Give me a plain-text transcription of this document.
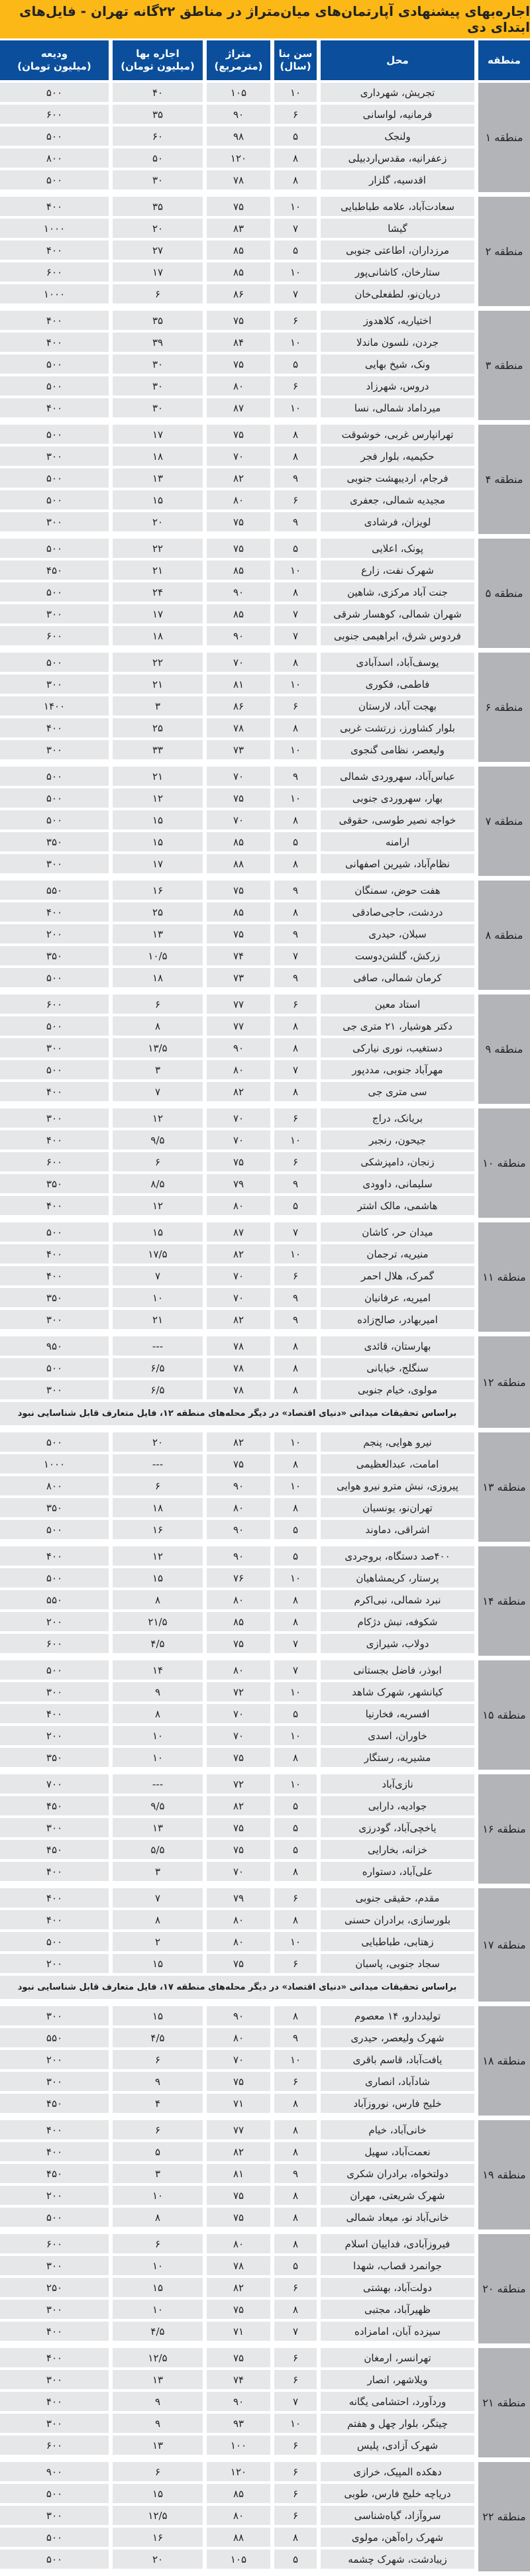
اجاره‌بهای پیشنهادی آپارتمان‌های میان‌متراژ در مناطق ۲۲گانه تهران - فایل‌های ابتدای دی
منطقه
محل
سن بنا
(سال)
متراژ
(مترمربع)
اجاره بها
(میلیون تومان)
ودیعه
(میلیون تومان)
منطقه ۱
تجریش، شهرداری
۱۰
۱۰۵
۴۰
۵۰۰
فرمانیه، لواسانی
۶
۹۰
۳۵
۶۰۰
ولنجک
۵
۹۸
۶۰
۵۰۰
زعفرانیه، مقدس‌اردبیلی
۸
۱۲۰
۵۰
۸۰۰
اقدسیه، گلزار
۸
۷۸
۳۰
۵۰۰
منطقه ۲
سعادت‌آباد، علامه طباطبایی
۱۰
۷۵
۳۵
۴۰۰
گیشا
۷
۸۳
۲۰
۱۰۰۰
مرزداران، اطاعتی جنوبی
۵
۸۵
۲۷
۴۰۰
ستارخان، کاشانی‌پور
۱۰
۸۵
۱۷
۶۰۰
دریان‌نو، لطفعلی‌خان
۷
۸۶
۶
۱۰۰۰
منطقه ۳
اختیاریه، کلاهدوز
۶
۷۵
۳۵
۴۰۰
جردن، نلسون ماندلا
۱۰
۸۴
۳۹
۴۰۰
ونک، شیخ بهایی
۵
۷۵
۳۰
۵۰۰
دروس، شهرزاد
۶
۸۰
۳۰
۵۰۰
میرداماد شمالی، نسا
۱۰
۸۷
۳۰
۴۰۰
منطقه ۴
تهرانپارس غربی، خوشوقت
۸
۷۵
۱۷
۵۰۰
حکیمیه، بلوار فجر
۸
۷۰
۱۸
۳۰۰
فرجام، اردیبهشت جنوبی
۹
۸۲
۱۳
۵۰۰
مجیدیه شمالی، جعفری
۶
۸۰
۱۵
۵۰۰
لویزان، فرشادی
۹
۷۵
۲۰
۳۰۰
منطقه ۵
پونک، اعلایی
۵
۷۵
۲۲
۵۰۰
شهرک نفت، زارع
۱۰
۸۵
۲۱
۴۵۰
جنت آباد مرکزی، شاهین
۸
۹۰
۲۴
۵۰۰
شهران شمالی، کوهسار شرقی
۷
۸۵
۱۷
۳۰۰
فردوس شرق، ابراهیمی جنوبی
۷
۹۰
۱۸
۶۰۰
منطقه ۶
یوسف‌آباد، اسدآبادی
۸
۷۰
۲۲
۵۰۰
فاطمی، فکوری
۱۰
۸۱
۲۱
۳۰۰
بهجت آباد، لارستان
۶
۸۶
۳
۱۴۰۰
بلوار کشاورز، زرتشت غربی
۸
۷۸
۲۵
۴۰۰
ولیعصر، نظامی گنجوی
۱۰
۷۳
۳۳
۳۰۰
منطقه ۷
عباس‌آباد، سهروردی شمالی
۹
۷۰
۲۱
۵۰۰
بهار، سهروردی جنوبی
۱۰
۷۵
۱۲
۵۰۰
خواجه نصیر طوسی، حقوقی
۸
۷۰
۱۵
۵۰۰
ارامنه
۵
۸۵
۱۵
۳۵۰
نظام‌آباد، شیرین اصفهانی
۸
۸۸
۱۷
۳۰۰
منطقه ۸
هفت حوض، سمنگان
۹
۷۵
۱۶
۵۵۰
دردشت، حاجی‌صادقی
۸
۸۵
۲۵
۴۰۰
سبلان، حیدری
۹
۷۵
۱۳
۲۰۰
زرکش، گلشن‌دوست
۷
۷۴
۱۰/۵
۳۵۰
کرمان شمالی، صافی
۹
۷۳
۱۸
۵۰۰
منطقه ۹
استاد معین
۶
۷۷
۶
۶۰۰
دکتر هوشیار، ۲۱ متری جی
۸
۷۷
۸
۵۰۰
دستغیب، نوری نیارکی
۸
۹۰
۱۳/۵
۳۰۰
مهرآباد جنوبی، مددپور
۷
۸۰
۳
۵۰۰
سی متری جی
۸
۸۲
۷
۴۰۰
منطقه ۱۰
بریانک، دراج
۶
۷۰
۱۲
۳۰۰
جیحون، رنجبر
۱۰
۷۰
۹/۵
۴۰۰
زنجان، دامپزشکی
۶
۷۵
۶
۶۰۰
سلیمانی، داوودی
۹
۷۹
۸/۵
۳۵۰
هاشمی، مالک اشتر
۵
۸۰
۱۲
۴۰۰
منطقه ۱۱
میدان حر، کاشان
۷
۸۷
۱۵
۵۰۰
منیریه، ترجمان
۱۰
۸۲
۱۷/۵
۴۰۰
گمرک، هلال احمر
۶
۷۰
۷
۴۰۰
امیریه، عرفانیان
۹
۷۰
۱۰
۳۵۰
امیربهادر، صالح‌زاده
۹
۸۲
۲۱
۳۰۰
منطقه ۱۲
بهارستان، قائدی
۸
۷۸
---
۹۵۰
سنگلج، خیابانی
۸
۷۸
۶/۵
۵۰۰
مولوی، خیام جنوبی
۸
۷۸
۶/۵
۳۰۰
براساس تحقیقات میدانی «دنیای اقتصاد» در دیگر محله‌های منطقه ۱۲، فایل متعارف قابل شناسایی نبود
منطقه ۱۳
نیرو هوایی، پنجم
۱۰
۸۲
۲۰
۵۰۰
امامت، عبدالعظیمی
۸
۷۵
---
۱۰۰۰
پیروزی، نبش مترو نیرو هوایی
۱۰
۹۰
۶
۸۰۰
تهران‌نو، یونسیان
۸
۸۰
۱۸
۳۵۰
اشراقی، دماوند
۵
۹۰
۱۶
۵۰۰
منطقه ۱۴
۴۰۰صد دستگاه، بروجردی
۵
۹۰
۱۲
۴۰۰
پرستار، کریمشاهیان
۱۰
۷۶
۱۵
۵۰۰
نبرد شمالی، نبی‌اکرم
۸
۸۰
۸
۵۵۰
شکوفه، نبش دژکام
۸
۸۵
۲۱/۵
۲۰۰
دولاب، شیرازی
۷
۷۵
۴/۵
۶۰۰
منطقه ۱۵
ابوذر، فاضل بجستانی
۷
۸۰
۱۴
۵۰۰
کیانشهر، شهرک شاهد
۱۰
۷۲
۹
۳۰۰
افسریه، فخارنیا
۵
۷۰
۸
۴۰۰
خاوران، اسدی
۱۰
۷۰
۱۰
۲۰۰
مشیریه، رستگار
۸
۷۵
۱۰
۳۵۰
منطقه ۱۶
نازی‌آباد
۱۰
۷۲
---
۷۰۰
جوادیه، دارابی
۵
۸۲
۹/۵
۴۵۰
یاخچی‌آباد، گودرزی
۵
۷۵
۱۳
۳۰۰
خزانه، بخارایی
۵
۷۵
۵/۵
۴۵۰
علی‌آباد، دستواره
۸
۷۰
۳
۴۰۰
منطقه ۱۷
مقدم، حقیقی جنوبی
۶
۷۹
۷
۴۰۰
بلورسازی، برادران حسنی
۸
۸۰
۸
۴۰۰
زهتابی، طباطبایی
۱۰
۸۰
۲
۵۰۰
سجاد جنوبی، پاسبان
۶
۷۵
۱۵
۲۰۰
براساس تحقیقات میدانی «دنیای اقتصاد» در دیگر محله‌های منطقه ۱۷، فایل متعارف قابل شناسایی نبود
منطقه ۱۸
تولیددارو، ۱۴ معصوم
۸
۹۰
۱۵
۳۰۰
شهرک ولیعصر، حیدری
۹
۸۰
۴/۵
۵۵۰
یافت‌آباد، قاسم باقری
۱۰
۷۰
۶
۲۰۰
شادآباد، انصاری
۶
۷۵
۹
۳۰۰
خلیج فارس، نوروزآباد
۸
۷۱
۴
۴۵۰
منطقه ۱۹
خانی‌آباد، خیام
۸
۷۷
۶
۴۰۰
نعمت‌آباد، سهیل
۸
۸۲
۵
۴۰۰
دولتخواه، برادران شکری
۹
۸۱
۳
۴۵۰
شهرک شریعتی، مهران
۸
۷۵
۱۰
۲۰۰
خانی‌آباد نو، میعاد شمالی
۸
۷۵
۸
۵۰۰
منطقه ۲۰
فیروزآبادی، فداییان اسلام
۸
۸۰
۶
۶۰۰
جوانمرد قصاب، شهدا
۵
۷۸
۱۰
۳۰۰
دولت‌آباد، بهشتی
۶
۸۲
۱۵
۲۵۰
ظهیرآباد، مجتبی
۸
۷۵
۱۰
۳۰۰
سیزده آبان، امامزاده
۷
۷۱
۴/۵
۴۰۰
منطقه ۲۱
تهرانسر، ارمغان
۶
۷۵
۱۲/۵
۴۰۰
ویلاشهر، انصار
۶
۷۴
۱۳
۳۰۰
وردآورد، احتشامی یگانه
۷
۹۰
۹
۴۰۰
چیتگر، بلوار چهل و هفتم
۱۰
۹۳
۹
۳۰۰
شهرک آزادی، پلیس
۶
۱۰۰
۱۳
۶۰۰
منطقه ۲۲
دهکده المپیک، خرازی
۶
۱۲۰
۶
۹۰۰
دریاچه خلیج فارس، طوبی
۶
۸۵
۱۵
۵۰۰
سروآزاد، گیاه‌شناسی
۶
۸۰
۱۲/۵
۳۰۰
شهرک راه‌آهن، مولوی
۸
۸۸
۱۶
۵۰۰
زیبادشت، شهرک چشمه
۵
۱۰۵
۲۰
۵۰۰
